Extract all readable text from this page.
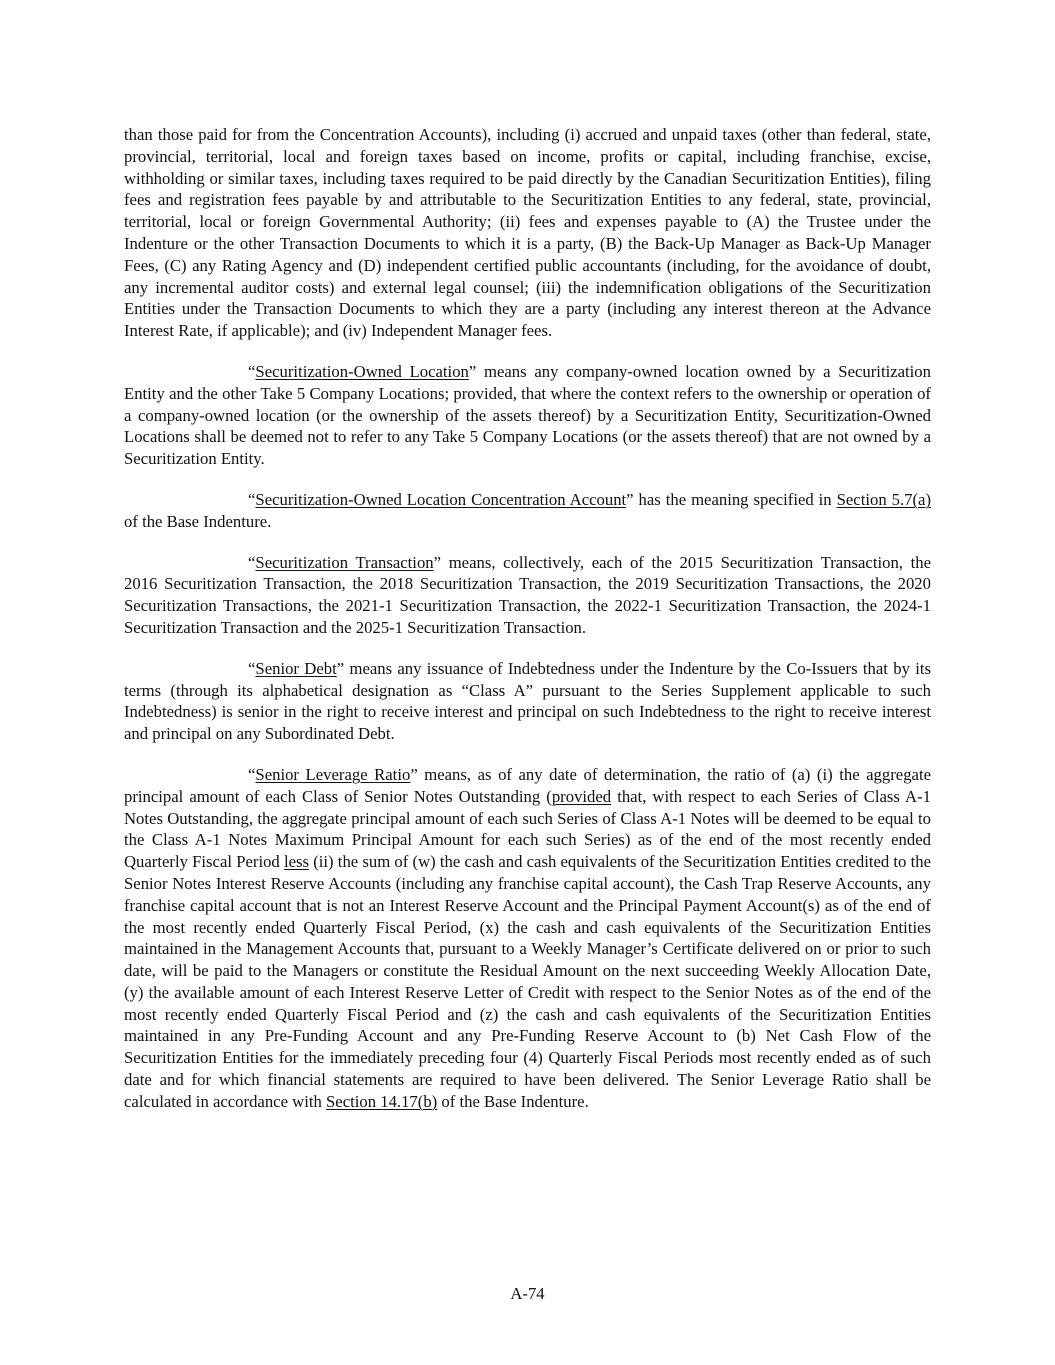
than those paid for from the Concentration Accounts), including (i) accrued and unpaid taxes (other than federal, state, provincial, territorial, local and foreign taxes based on income, profits or capital, including franchise, excise, withholding or similar taxes, including taxes required to be paid directly by the Canadian Securitization Entities), filing fees and registration fees payable by and attributable to the Securitization Entities to any federal, state, provincial, territorial, local or foreign Governmental Authority; (ii) fees and expenses payable to (A) the Trustee under the Indenture or the other Transaction Documents to which it is a party, (B) the Back-Up Manager as Back-Up Manager Fees, (C) any Rating Agency and (D) independent certified public accountants (including, for the avoidance of doubt, any incremental auditor costs) and external legal counsel; (iii) the indemnification obligations of the Securitization Entities under the Transaction Documents to which they are a party (including any interest thereon at the Advance Interest Rate, if applicable); and (iv) Independent Manager fees.

“Securitization-Owned Location” means any company-owned location owned by a Securitization Entity and the other Take 5 Company Locations; provided, that where the context refers to the ownership or operation of a company-owned location (or the ownership of the assets thereof) by a Securitization Entity, Securitization-Owned Locations shall be deemed not to refer to any Take 5 Company Locations (or the assets thereof) that are not owned by a Securitization Entity.

“Securitization-Owned Location Concentration Account” has the meaning specified in Section 5.7(a) of the Base Indenture.

“Securitization Transaction” means, collectively, each of the 2015 Securitization Transaction, the 2016 Securitization Transaction, the 2018 Securitization Transaction, the 2019 Securitization Transactions, the 2020 Securitization Transactions, the 2021-1 Securitization Transaction, the 2022-1 Securitization Transaction, the 2024-1 Securitization Transaction and the 2025-1 Securitization Transaction.

“Senior Debt” means any issuance of Indebtedness under the Indenture by the Co-Issuers that by its terms (through its alphabetical designation as “Class A” pursuant to the Series Supplement applicable to such Indebtedness) is senior in the right to receive interest and principal on such Indebtedness to the right to receive interest and principal on any Subordinated Debt.

“Senior Leverage Ratio” means, as of any date of determination, the ratio of (a) (i) the aggregate principal amount of each Class of Senior Notes Outstanding (provided that, with respect to each Series of Class A-1 Notes Outstanding, the aggregate principal amount of each such Series of Class A-1 Notes will be deemed to be equal to the Class A-1 Notes Maximum Principal Amount for each such Series) as of the end of the most recently ended Quarterly Fiscal Period less (ii) the sum of (w) the cash and cash equivalents of the Securitization Entities credited to the Senior Notes Interest Reserve Accounts (including any franchise capital account), the Cash Trap Reserve Accounts, any franchise capital account that is not an Interest Reserve Account and the Principal Payment Account(s) as of the end of the most recently ended Quarterly Fiscal Period, (x) the cash and cash equivalents of the Securitization Entities maintained in the Management Accounts that, pursuant to a Weekly Manager’s Certificate delivered on or prior to such date, will be paid to the Managers or constitute the Residual Amount on the next succeeding Weekly Allocation Date, (y) the available amount of each Interest Reserve Letter of Credit with respect to the Senior Notes as of the end of the most recently ended Quarterly Fiscal Period and (z) the cash and cash equivalents of the Securitization Entities maintained in any Pre-Funding Account and any Pre-Funding Reserve Account to (b) Net Cash Flow of the Securitization Entities for the immediately preceding four (4) Quarterly Fiscal Periods most recently ended as of such date and for which financial statements are required to have been delivered. The Senior Leverage Ratio shall be calculated in accordance with Section 14.17(b) of the Base Indenture.

A-74
